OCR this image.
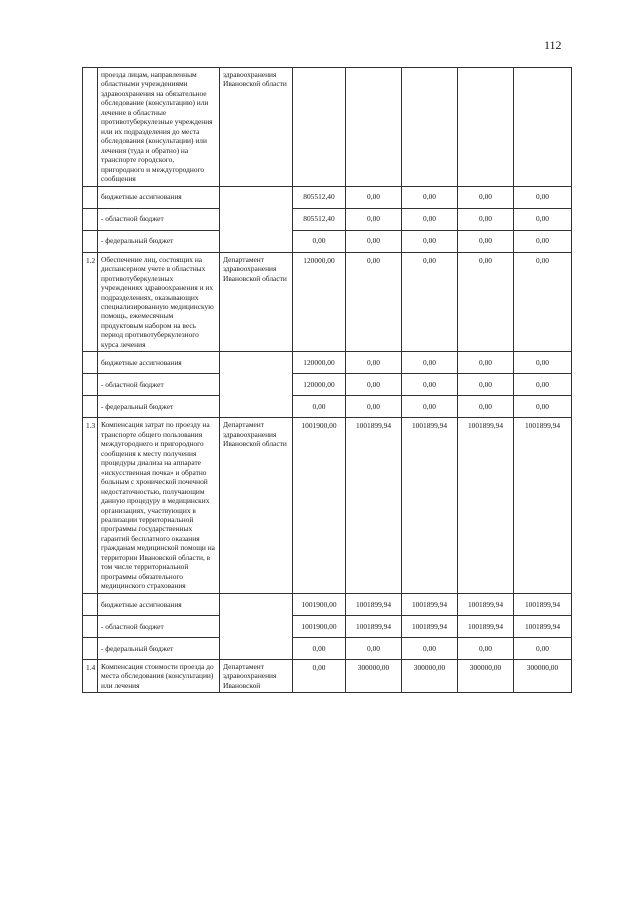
112
	проезда лицам, направленным областными учреждениями здравоохранения на обязательное обследование (консультацию) или лечение в областные противотуберкулезные учреждения или их подразделения до места обследования (консультации) или лечения (туда и обратно) на транспорте городского, пригородного и междугородного сообщения	здравоохранения Ивановской области					
	бюджетные ассигнования		805512,40	0,00	0,00	0,00	0,00
	- областной бюджет		805512,40	0,00	0,00	0,00	0,00
	- федеральный бюджет		0,00	0,00	0,00	0,00	0,00
1.2	Обеспечение лиц, состоящих на диспансерном учете в областных противотуберкулезных учреждениях здравоохранения и их подразделениях, оказывающих специализированную медицинскую помощь, ежемесячным продуктовым набором на весь период противотуберкулезного курса лечения	Департамент здравоохранения Ивановской области	120000,00	0,00	0,00	0,00	0,00
	бюджетные ассигнования		120000,00	0,00	0,00	0,00	0,00
	- областной бюджет		120000,00	0,00	0,00	0,00	0,00
	- федеральный бюджет		0,00	0,00	0,00	0,00	0,00
1.3	Компенсация затрат по проезду на транспорте общего пользования междугороднего и пригородного сообщения к месту получения процедуры диализа на аппарате «искусственная почка» и обратно больным с хронической почечной недостаточностью, получающим данную процедуру в медицинских организациях, участвующих в реализации территориальной программы государственных гарантий бесплатного оказания гражданам медицинской помощи на территории Ивановской области, в том числе территориальной программы обязательного медицинского страхования	Департамент здравоохранения Ивановской области	1001900,00	1001899,94	1001899,94	1001899,94	1001899,94
	бюджетные ассигнования		1001900,00	1001899,94	1001899,94	1001899,94	1001899,94
	- областной бюджет		1001900,00	1001899,94	1001899,94	1001899,94	1001899,94
	- федеральный бюджет		0,00	0,00	0,00	0,00	0,00
1.4	Компенсация стоимости проезда до места обследования (консультации) или лечения	Департамент здравоохранения Ивановской	0,00	300000,00	300000,00	300000,00	300000,00
